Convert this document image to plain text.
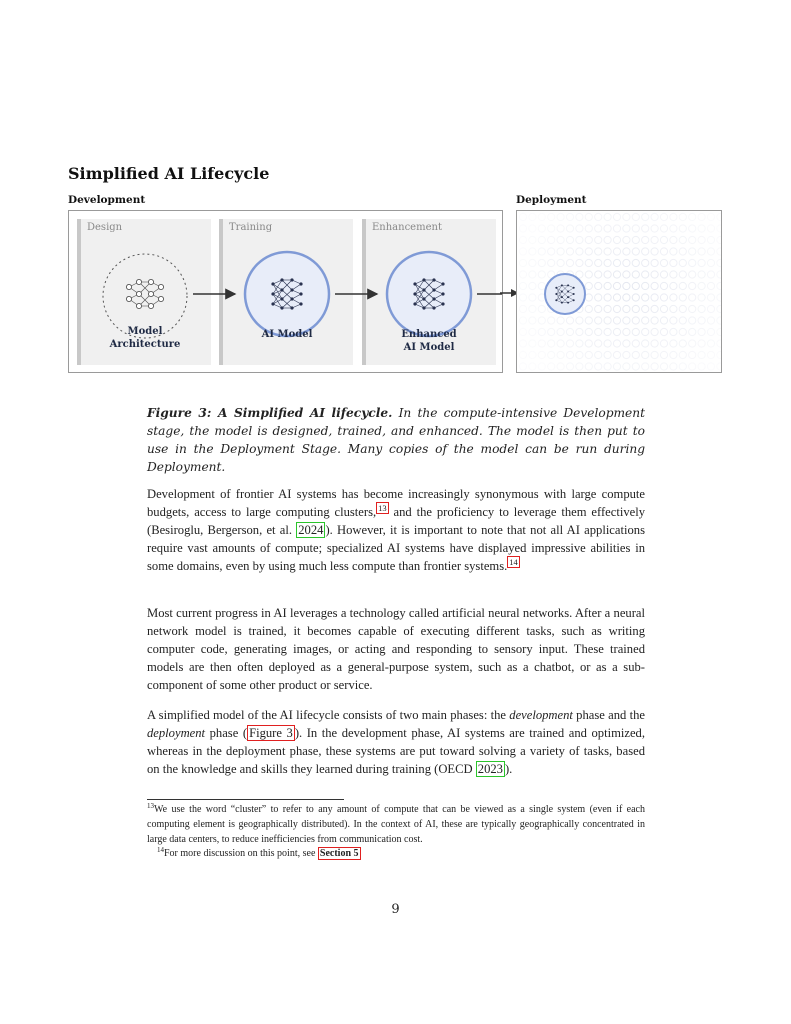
Simplified AI Lifecycle
Development	Deployment
Design	Training	Enhancement
Model
Architecture
AI Model	Enhanced
AI Model
Figure 3: A Simplified AI lifecycle. In the compute-intensive Development stage, the model is designed, trained, and enhanced. The model is then put to use in the Deployment Stage. Many copies of the model can be run during Deployment.
Development of frontier AI systems has become increasingly synonymous with large compute budgets, access to large computing clusters, $^{13}$ and the proficiency to leverage them effectively (Besiroglu, Bergerson, et al. 2024 ). However, it is important to note that not all AI applications require vast amounts of compute; specialized AI systems have displayed impressive abilities in some domains, even by using much less compute than frontier systems. $^{14}$
Most current progress in AI leverages a technology called artificial neural networks. After a neural network model is trained, it becomes capable of executing different tasks, such as writing computer code, generating images, or acting and responding to sensory input. These trained models are then often deployed as a general-purpose system, such as a chatbot, or as a sub-component of some other product or service.
A simplified model of the AI lifecycle consists of two main phases: the development phase and the deployment phase ( Figure 3 ). In the development phase, AI systems are trained and optimized, whereas in the deployment phase, these systems are put toward solving a variety of tasks, based on the knowledge and skills they learned during training (OECD 2023 ).
$^{13}$We use the word “cluster” to refer to any amount of compute that can be viewed as a single system (even if each computing element is geographically distributed). In the context of AI, these are typically geographically concentrated in large data centers, to reduce inefficiencies from communication cost.
$^{14}$For more discussion on this point, see Section 5
9
